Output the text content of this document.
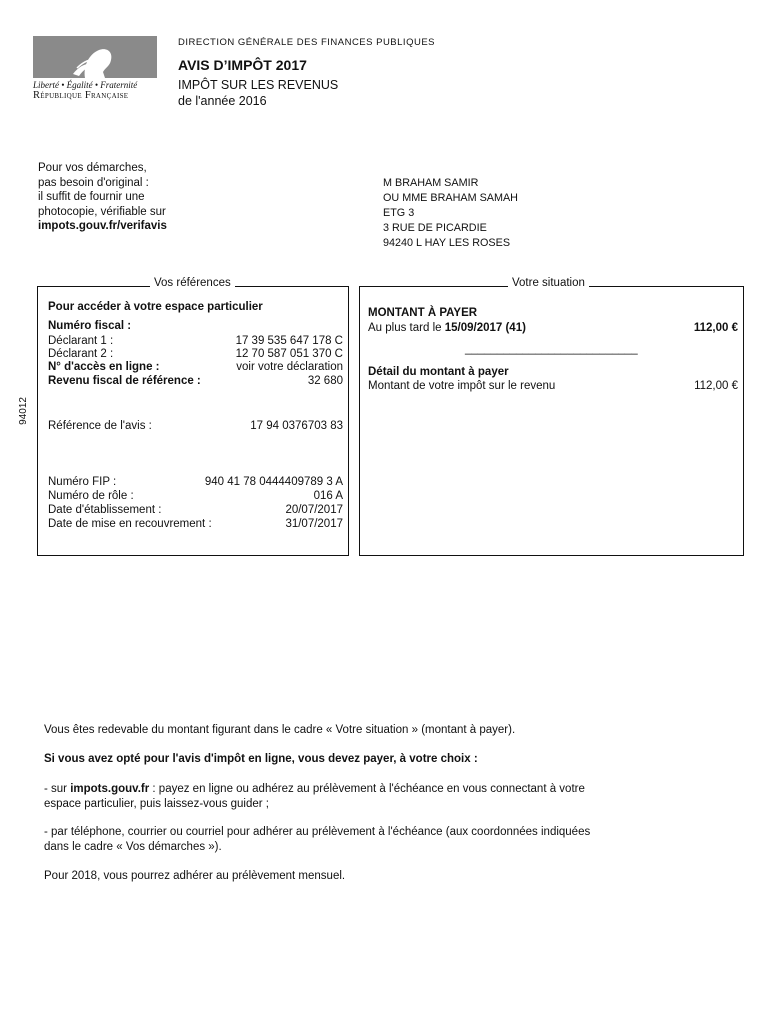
Liberté • Égalité • Fraternité
République Française
DIRECTION GÉNÉRALE DES FINANCES PUBLIQUES
AVIS D’IMPÔT 2017
IMPÔT SUR LES REVENUS
de l'année 2016
Pour vos démarches,
pas besoin d'original :
il suffit de fournir une
photocopie, vérifiable sur
impots.gouv.fr/verifavis
M BRAHAM SAMIR
OU MME BRAHAM SAMAH
ETG 3
3 RUE DE PICARDIE
94240 L HAY LES ROSES
94012
Vos références
Pour accéder à votre espace particulier
Numéro fiscal :
Déclarant 1 :	17 39 535 647 178 C
Déclarant 2 :	12 70 587 051 370 C
N° d'accès en ligne :	voir votre déclaration
Revenu fiscal de référence :	32 680
Référence de l'avis :	17 94 0376703 83
Numéro FIP :	940 41 78 0444409789 3 A
Numéro de rôle :	016 A
Date d'établissement :	20/07/2017
Date de mise en recouvrement :	31/07/2017
Votre situation
MONTANT À PAYER
Au plus tard le 15/09/2017 (41)	112,00 €
___________________________
Détail du montant à payer
Montant de votre impôt sur le revenu	112,00 €
Vous êtes redevable du montant figurant dans le cadre « Votre situation » (montant à payer).
Si vous avez opté pour l'avis d'impôt en ligne, vous devez payer, à votre choix :
- sur impots.gouv.fr : payez en ligne ou adhérez au prélèvement à l'échéance en vous connectant à votre
espace particulier, puis laissez-vous guider ;
- par téléphone, courrier ou courriel pour adhérer au prélèvement à l'échéance (aux coordonnées indiquées
dans le cadre « Vos démarches »).
Pour 2018, vous pourrez adhérer au prélèvement mensuel.
